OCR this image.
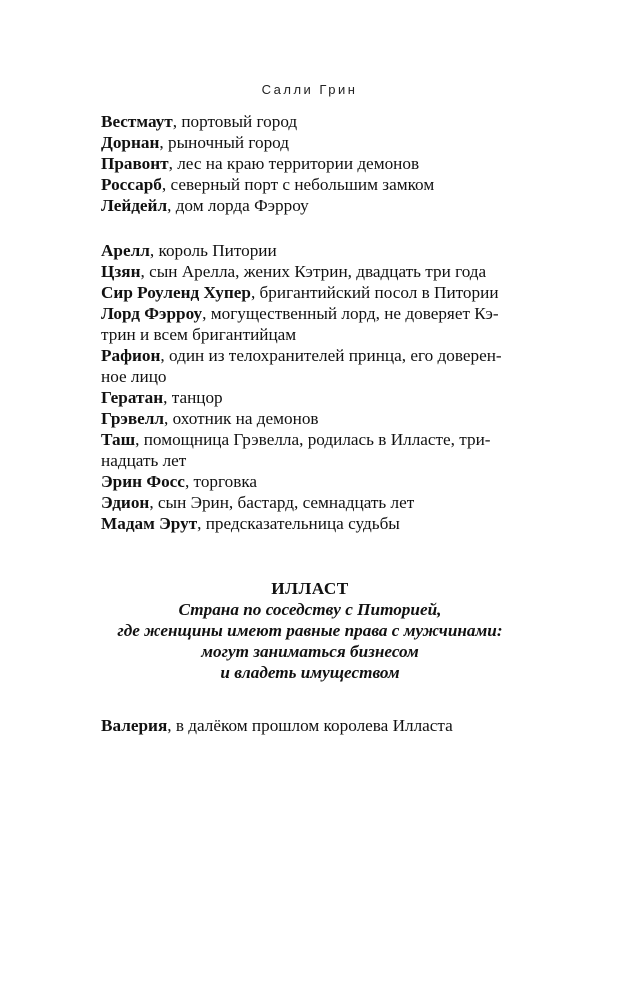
Салли Грин

Вестмаут, портовый город

Дорнан, рыночный город

Правонт, лес на краю территории демонов

Россарб, северный порт с небольшим замком

Лейдейл, дом лорда Фэрроу

Арелл, король Питории

Цзян, сын Арелла, жених Кэтрин, двадцать три года

Сир Роуленд Хупер, бригантийский посол в Питории

Лорд Фэрроу, могущественный лорд, не доверяет Кэ-
трин и всем бригантийцам

Рафион, один из телохранителей принца, его доверен-
ное лицо

Гератан, танцор

Грэвелл, охотник на демонов

Таш, помощница Грэвелла, родилась в Илласте, три-
надцать лет

Эрин Фосс, торговка

Эдион, сын Эрин, бастард, семнадцать лет

Мадам Эрут, предсказательница судьбы

ИЛЛАСТ
Страна по соседству с Питорией,
где женщины имеют равные права с мужчинами:
могут заниматься бизнесом
и владеть имуществом

Валерия, в далёком прошлом королева Илласта
